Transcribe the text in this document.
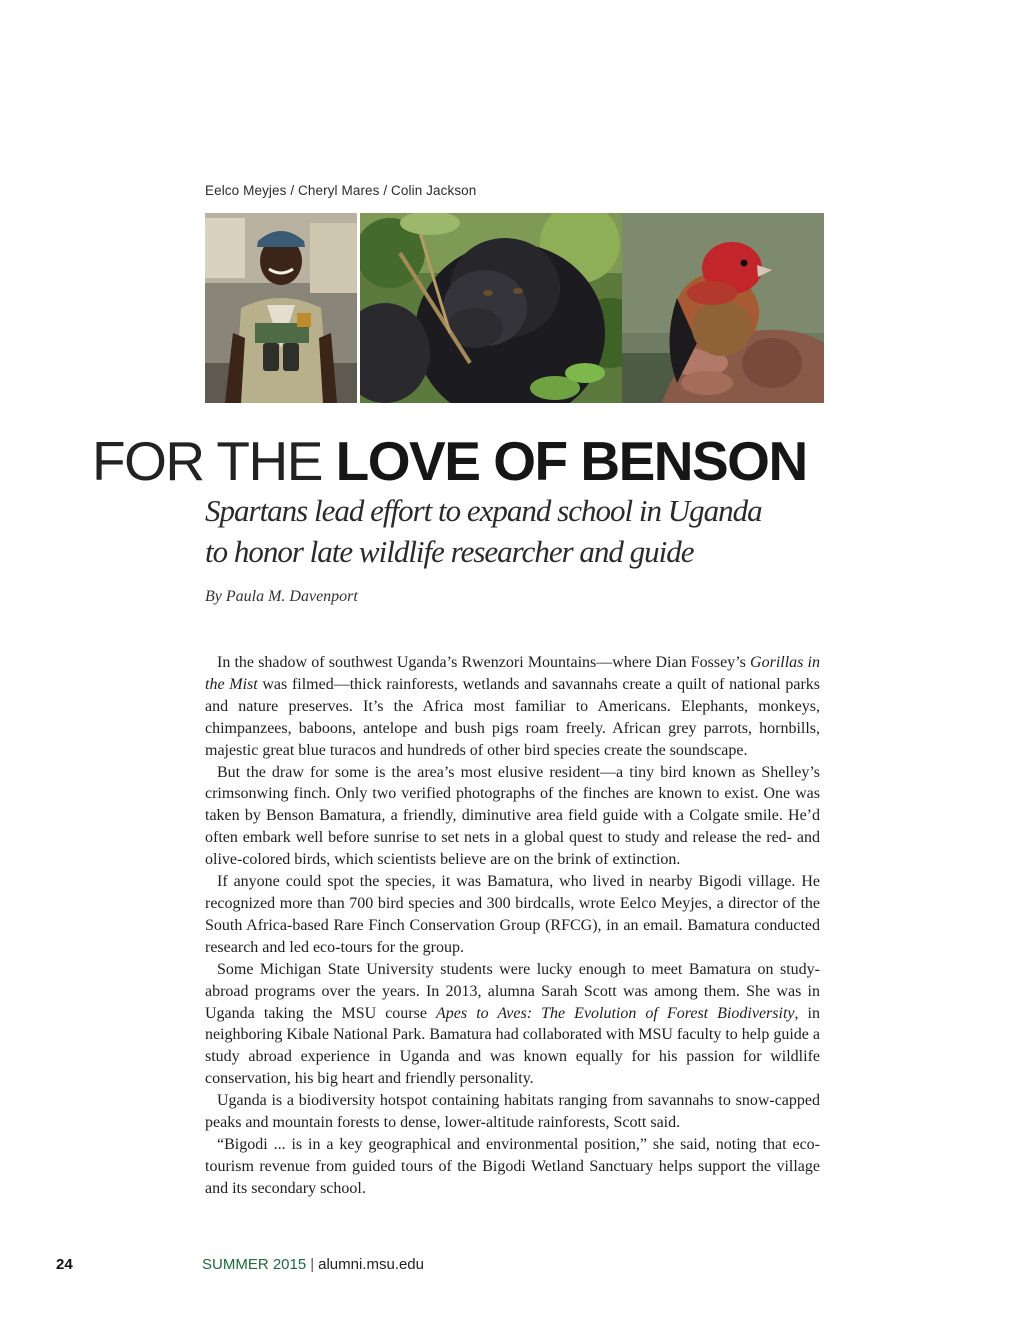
Eelco Meyjes / Cheryl Mares / Colin Jackson
FOR THE LOVE OF BENSON
Spartans lead effort to expand school in Uganda
to honor late wildlife researcher and guide
By Paula M. Davenport

In the shadow of southwest Uganda’s Rwenzori Mountains—where Dian Fossey’s Gorillas in the Mist was filmed—thick rainforests, wetlands and savannahs create a quilt of national parks and nature preserves. It’s the Africa most familiar to Americans. Elephants, monkeys, chimpanzees, baboons, antelope and bush pigs roam freely. African grey parrots, hornbills, majestic great blue turacos and hundreds of other bird species create the soundscape.

But the draw for some is the area’s most elusive resident—a tiny bird known as Shelley’s crimsonwing finch. Only two verified photographs of the finches are known to exist. One was taken by Benson Bamatura, a friendly, diminutive area field guide with a Colgate smile. He’d often embark well before sunrise to set nets in a global quest to study and release the red- and olive-colored birds, which scientists believe are on the brink of extinction.

If anyone could spot the species, it was Bamatura, who lived in nearby Bigodi village. He recognized more than 700 bird species and 300 birdcalls, wrote Eelco Meyjes, a director of the South Africa-based Rare Finch Conservation Group (RFCG), in an email. Bamatura conducted research and led eco-tours for the group.

Some Michigan State University students were lucky enough to meet Bamatura on study-abroad programs over the years. In 2013, alumna Sarah Scott was among them. She was in Uganda taking the MSU course Apes to Aves: The Evolution of Forest Biodiversity, in neighboring Kibale National Park. Bamatura had collaborated with MSU faculty to help guide a study abroad experience in Uganda and was known equally for his passion for wildlife conservation, his big heart and friendly personality.

Uganda is a biodiversity hotspot containing habitats ranging from savannahs to snow-capped peaks and mountain forests to dense, lower-altitude rainforests, Scott said.

“Bigodi ... is in a key geographical and environmental position,” she said, noting that eco-tourism revenue from guided tours of the Bigodi Wetland Sanctuary helps support the village and its secondary school.

24	SUMMER 2015 | alumni.msu.edu
